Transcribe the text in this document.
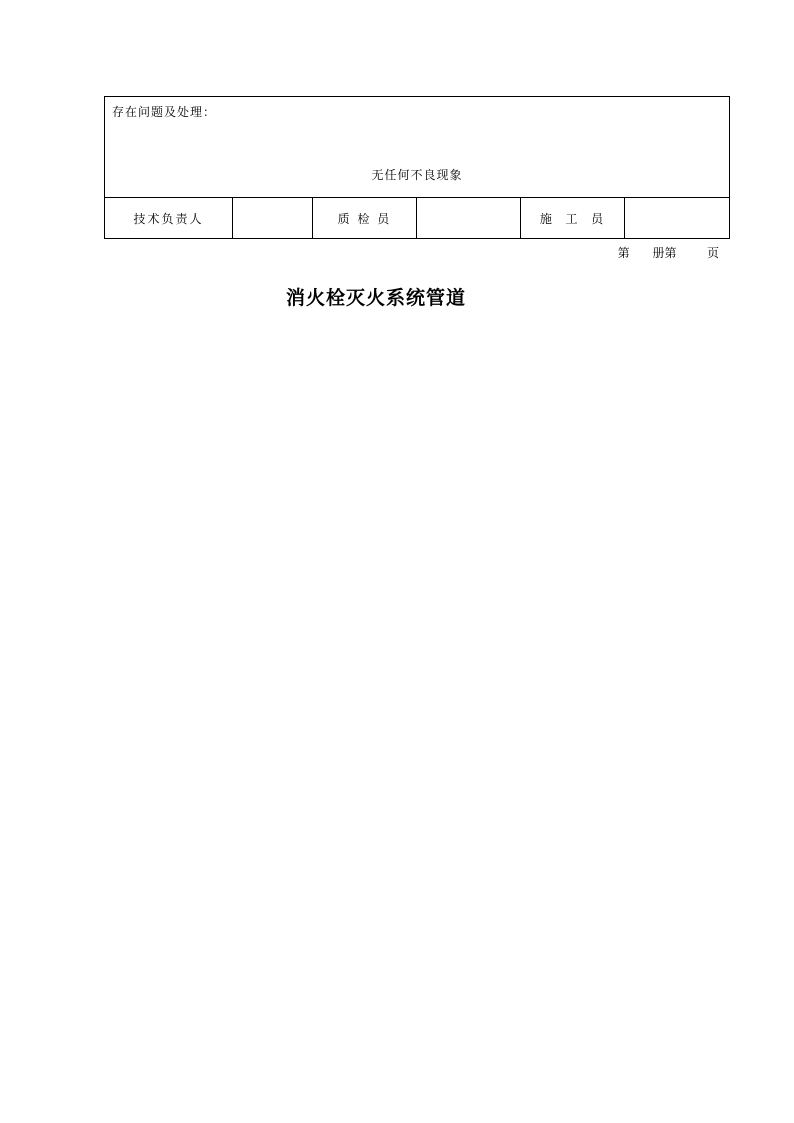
存在问题及处理：
无任何不良现象

技术负责人		质 检 员		施  工  员	
第      册第        页
消火栓灭火系统管道
